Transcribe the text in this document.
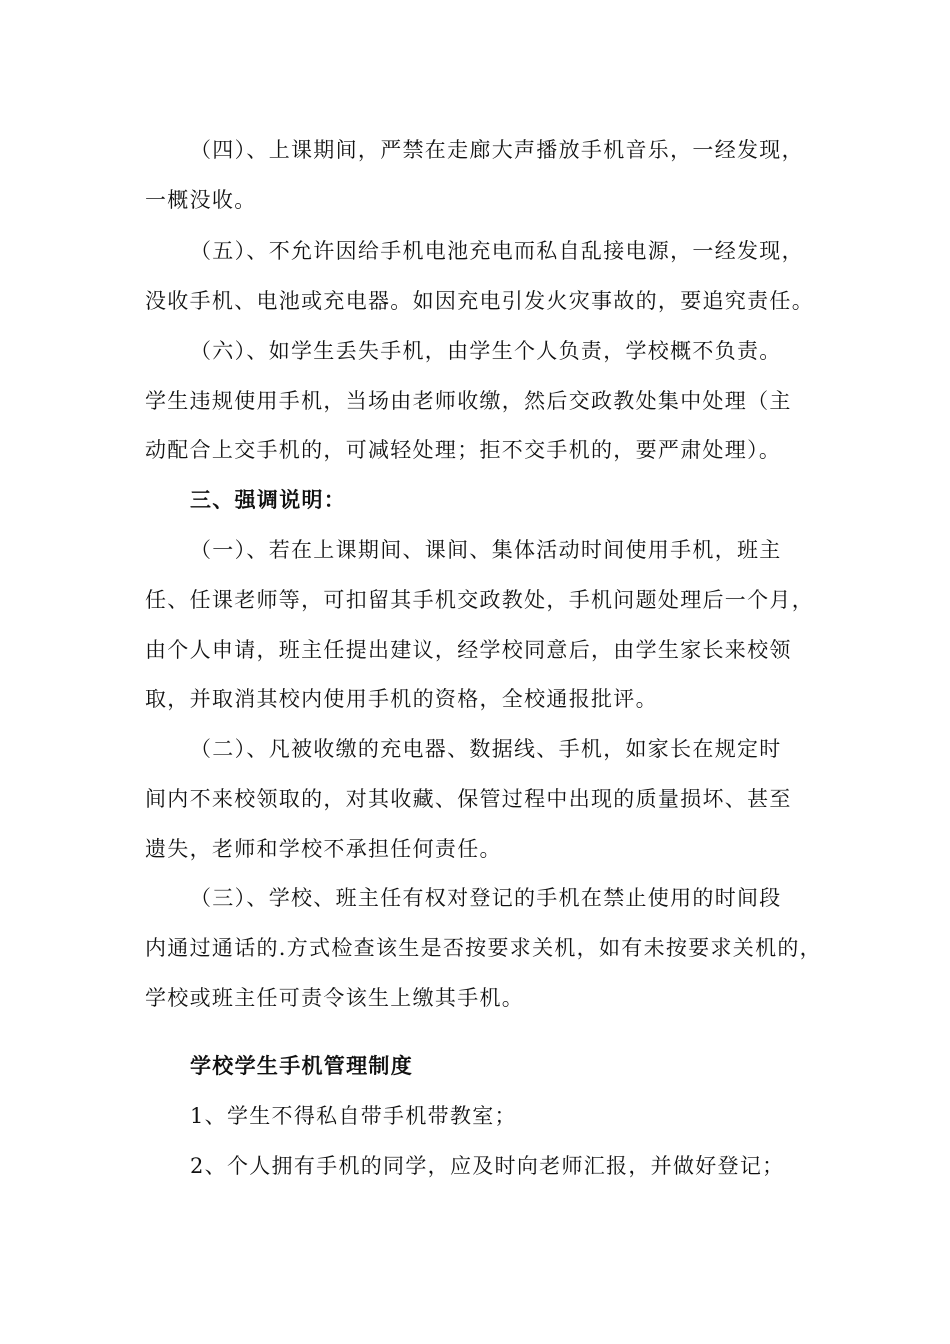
（四）、上课期间，严禁在走廊大声播放手机音乐，一经发现，
一概没收。
（五）、不允许因给手机电池充电而私自乱接电源，一经发现，
没收手机、电池或充电器。如因充电引发火灾事故的，要追究责任。
（六）、如学生丢失手机，由学生个人负责，学校概不负责。
学生违规使用手机，当场由老师收缴，然后交政教处集中处理（主
动配合上交手机的，可减轻处理；拒不交手机的，要严肃处理）。
三、强调说明：
（一）、若在上课期间、课间、集体活动时间使用手机，班主
任、任课老师等，可扣留其手机交政教处，手机问题处理后一个月，
由个人申请，班主任提出建议，经学校同意后，由学生家长来校领
取，并取消其校内使用手机的资格，全校通报批评。
（二）、凡被收缴的充电器、数据线、手机，如家长在规定时
间内不来校领取的，对其收藏、保管过程中出现的质量损坏、甚至
遗失，老师和学校不承担任何责任。
（三）、学校、班主任有权对登记的手机在禁止使用的时间段
内通过通话的.方式检查该生是否按要求关机，如有未按要求关机的，
学校或班主任可责令该生上缴其手机。
学校学生手机管理制度
1、学生不得私自带手机带教室；
2、个人拥有手机的同学，应及时向老师汇报，并做好登记；
